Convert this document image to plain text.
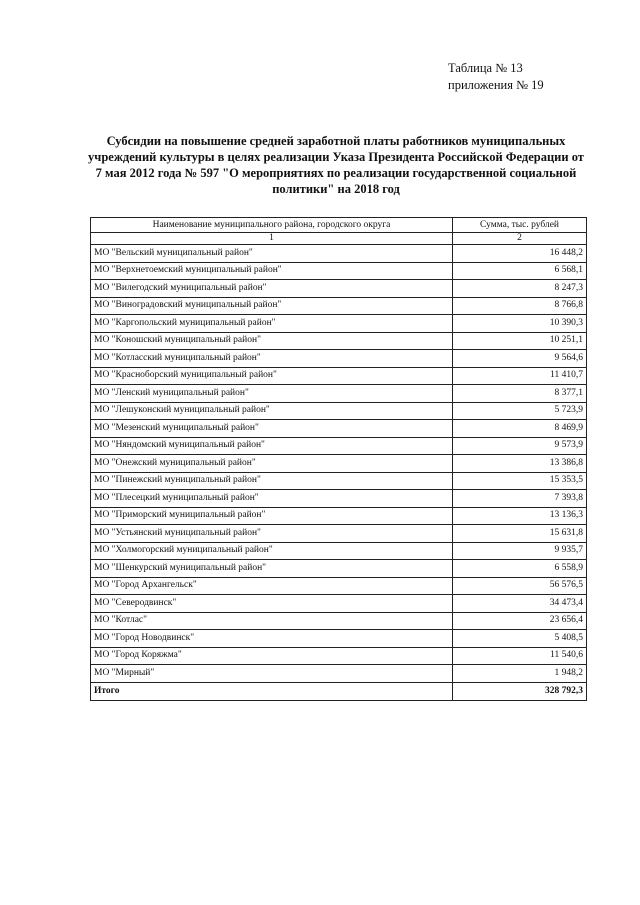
Таблица № 13
приложения № 19
Субсидии на повышение средней заработной платы работников муниципальных учреждений культуры в целях реализации Указа Президента Российской Федерации от 7 мая 2012 года № 597 "О мероприятиях по реализации государственной социальной политики" на 2018 год
Наименование муниципального района, городского округа	Сумма, тыс. рублей
1	2
МО "Вельский муниципальный район"	16 448,2
МО "Верхнетоемский муниципальный район"	6 568,1
МО "Вилегодский муниципальный район"	8 247,3
МО "Виноградовский муниципальный район"	8 766,8
МО "Каргопольский муниципальный район"	10 390,3
МО "Коношский муниципальный район"	10 251,1
МО "Котласский муниципальный район"	9 564,6
МО "Красноборский муниципальный район"	11 410,7
МО "Ленский муниципальный район"	8 377,1
МО "Лешуконский муниципальный район"	5 723,9
МО "Мезенский муниципальный район"	8 469,9
МО "Няндомский муниципальный район"	9 573,9
МО "Онежский муниципальный район"	13 386,8
МО "Пинежский муниципальный район"	15 353,5
МО "Плесецкий муниципальный район"	7 393,8
МО "Приморский муниципальный район"	13 136,3
МО "Устьянский муниципальный район"	15 631,8
МО "Холмогорский муниципальный район"	9 935,7
МО "Шенкурский муниципальный район"	6 558,9
МО "Город Архангельск"	56 576,5
МО "Северодвинск"	34 473,4
МО "Котлас"	23 656,4
МО "Город Новодвинск"	5 408,5
МО "Город Коряжма"	11 540,6
МО "Мирный"	1 948,2
Итого	328 792,3
